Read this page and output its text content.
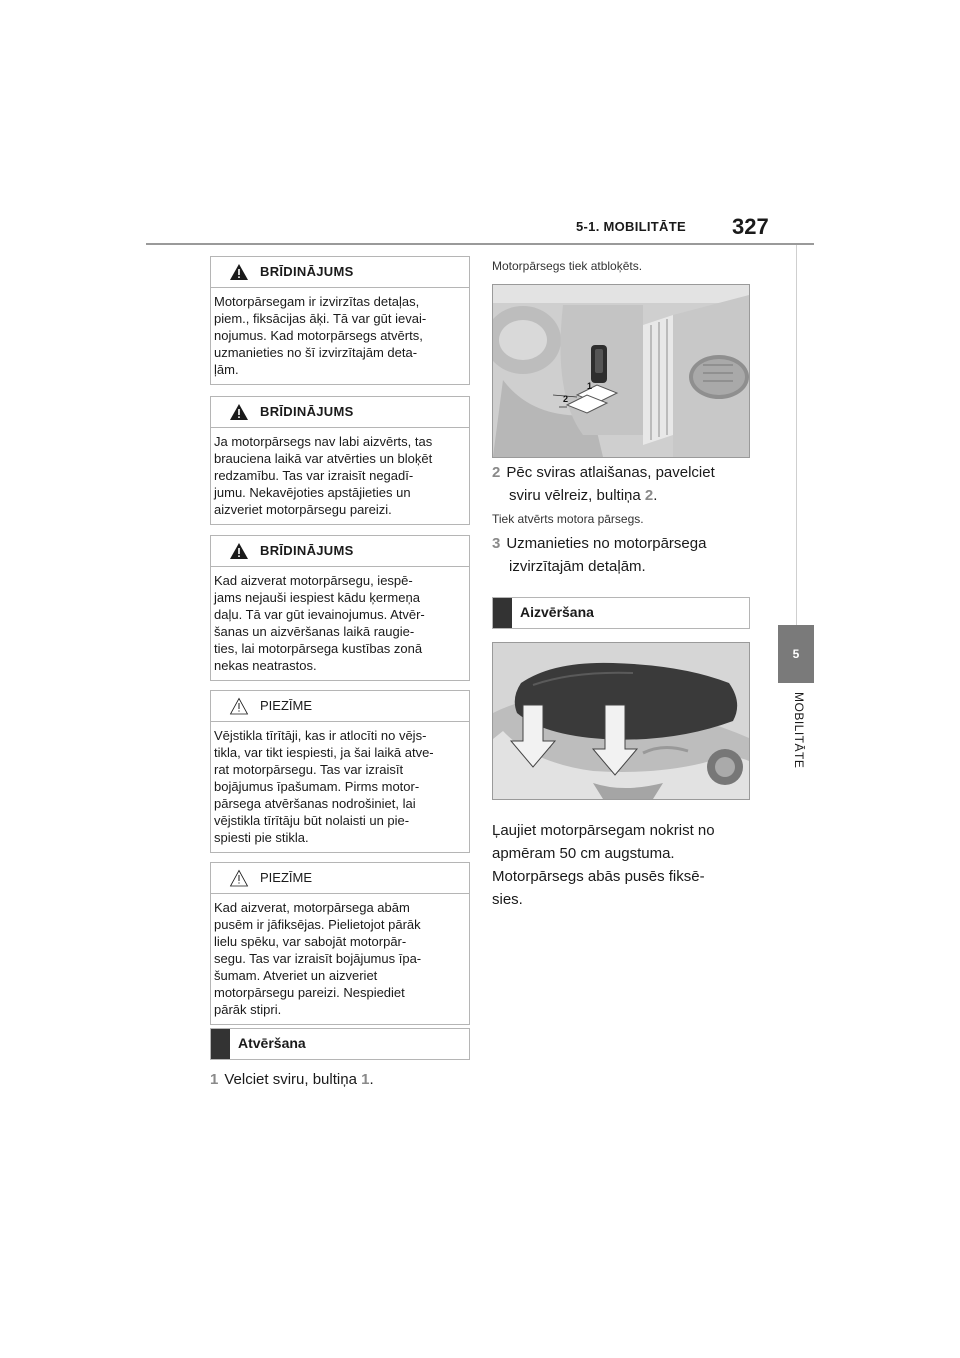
5-1. MOBILITĀTE 327
5
MOBILITĀTE
BRĪDINĀJUMS
Motorpārsegam ir izvirzītas detaļas,
piem., fiksācijas āķi. Tā var gūt ievai-
nojumus. Kad motorpārsegs atvērts,
uzmanieties no šī izvirzītajām deta-
ļām.
BRĪDINĀJUMS
Ja motorpārsegs nav labi aizvērts, tas
brauciena laikā var atvērties un bloķēt
redzamību. Tas var izraisīt negadī-
jumu. Nekavējoties apstājieties un
aizveriet motorpārsegu pareizi.
BRĪDINĀJUMS
Kad aizverat motorpārsegu, iespē-
jams nejauši iespiest kādu ķermeņa
daļu. Tā var gūt ievainojumus. Atvēr-
šanas un aizvēršanas laikā raugie-
ties, lai motorpārsega kustības zonā
nekas neatrastos.
PIEZĪME
Vējstikla tīrītāji, kas ir atlocīti no vējs-
tikla, var tikt iespiesti, ja šai laikā atve-
rat motorpārsegu. Tas var izraisīt
bojājumus īpašumam. Pirms motor-
pārsega atvēršanas nodrošiniet, lai
vējstikla tīrītāju būt nolaisti un pie-
spiesti pie stikla.
PIEZĪME
Kad aizverat, motorpārsega abām
pusēm ir jāfiksējas. Pielietojot pārāk
lielu spēku, var sabojāt motorpār-
segu. Tas var izraisīt bojājumus īpa-
šumam. Atveriet un aizveriet
motorpārsegu pareizi. Nespiediet
pārāk stipri.
Atvēršana
1 Velciet sviru, bultiņa 1.
Motorpārsegs tiek atbloķēts.
1
2
2 Pēc sviras atlaišanas, pavelciet
sviru vēlreiz, bultiņa 2.
Tiek atvērts motora pārsegs.
3 Uzmanieties no motorpārsega
izvirzītajām detaļām.
Aizvēršana
Ļaujiet motorpārsegam nokrist no
apmēram 50 cm augstuma.
Motorpārsegs abās pusēs fiksē-
sies.
